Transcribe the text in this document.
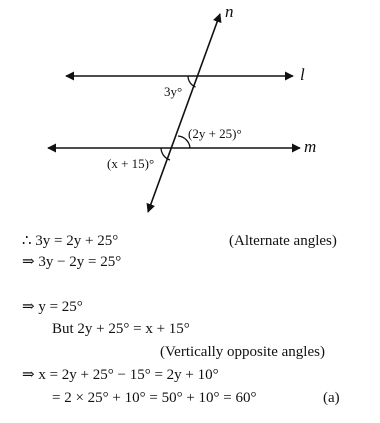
n
l
m
3y°
(2y + 25)°
(x + 15)°
∴ 3y = 2y + 25°	(Alternate angles)
⇒ 3y − 2y = 25°
⇒ y = 25°
But 2y + 25° = x + 15°
(Vertically opposite angles)
⇒ x = 2y + 25° − 15° = 2y + 10°
= 2 × 25° + 10° = 50° + 10° = 60°	(a)
